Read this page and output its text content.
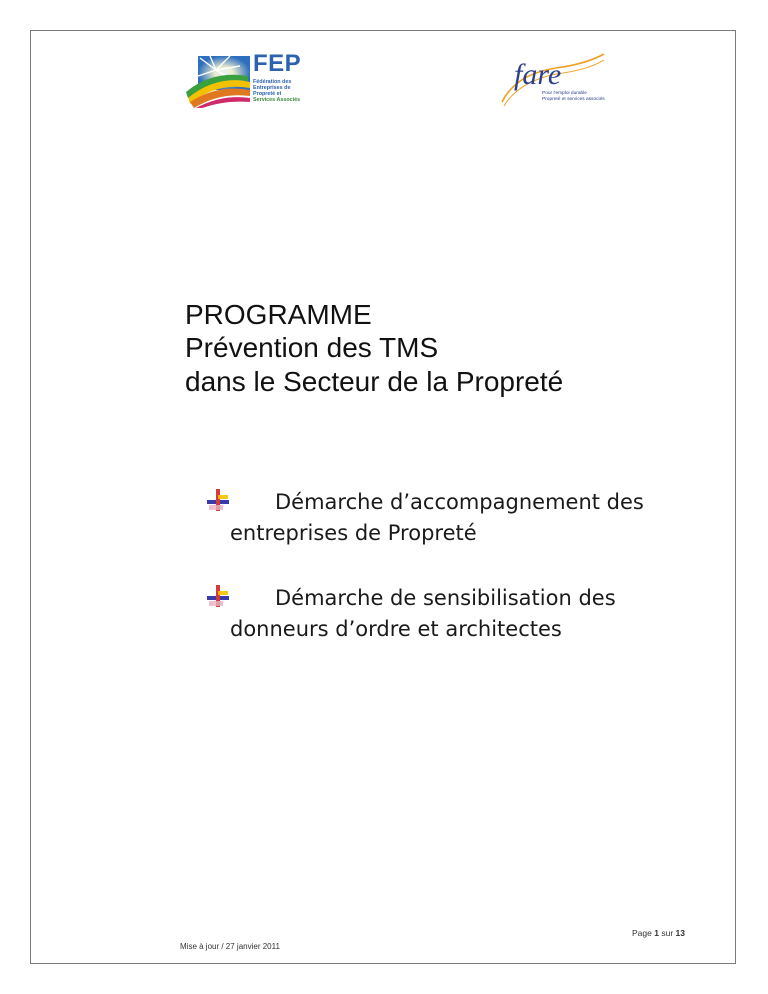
FEP
Fédération des
Entreprises de
Propreté et
Services Associés
fare
Pour l'emploi durable
Propreté et services associés
PROGRAMME
Prévention des TMS
dans le Secteur de la Propreté
Démarche d’accompagnement des
entreprises de Propreté
Démarche de sensibilisation des
donneurs d’ordre et architectes
Mise à jour / 27 janvier 2011
Page 1 sur 13
